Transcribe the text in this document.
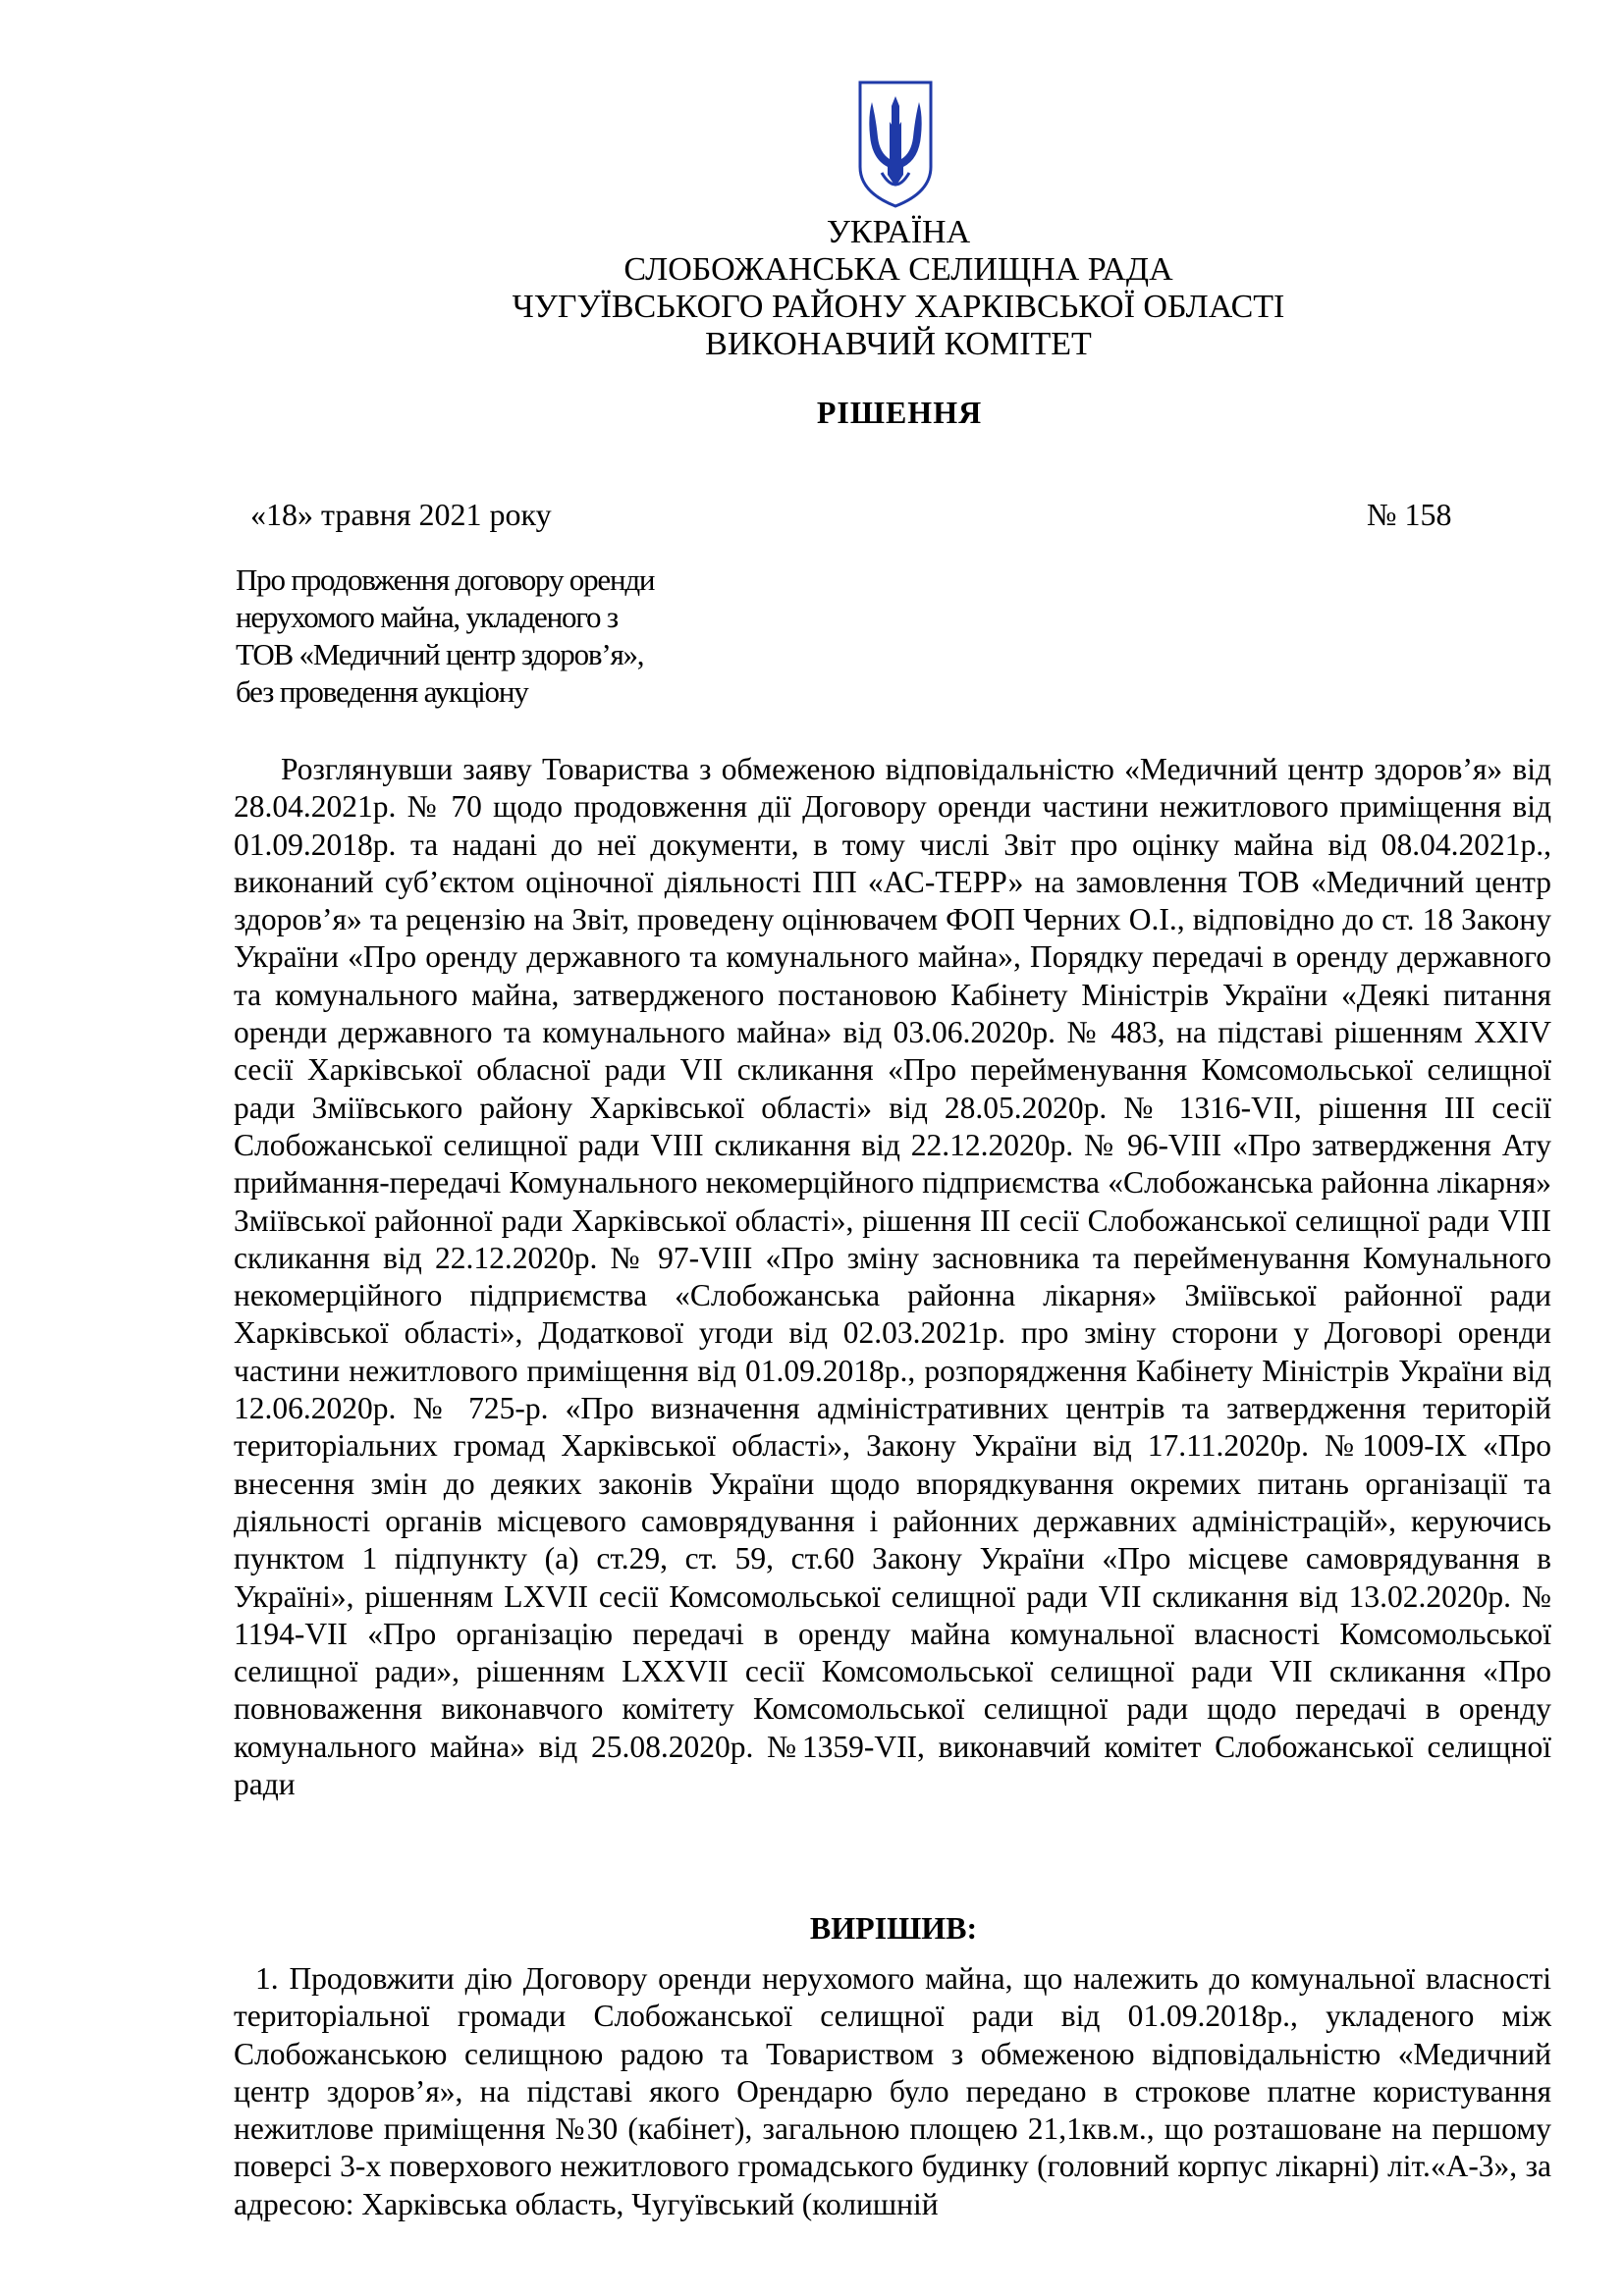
УКРАЇНА
СЛОБОЖАНСЬКА СЕЛИЩНА РАДА
ЧУГУЇВСЬКОГО РАЙОНУ ХАРКІВСЬКОЇ ОБЛАСТІ
ВИКОНАВЧИЙ КОМІТЕТ
РІШЕННЯ
«18» травня 2021 року	№ 158
Про продовження договору оренди
нерухомого майна, укладеного з
ТОВ «Медичний центр здоров’я»,
без проведення аукціону

Розглянувши заяву Товариства з обмеженою відповідальністю «Медичний центр здоров’я» від 28.04.2021р. № 70 щодо продовження дії Договору оренди частини нежитлового приміщення від 01.09.2018р. та надані до неї документи, в тому числі Звіт про оцінку майна від 08.04.2021р., виконаний суб’єктом оціночної діяльності ПП «АС-ТЕРР» на замовлення ТОВ «Медичний центр здоров’я» та рецензію на Звіт, проведену оцінювачем ФОП Черних О.І., відповідно до ст. 18 Закону України «Про оренду державного та комунального майна», Порядку передачі в оренду державного та комунального майна, затвердженого постановою Кабінету Міністрів України «Деякі питання оренди державного та комунального майна» від 03.06.2020р. № 483, на підставі рішенням XXIV сесії Харківської обласної ради VII скликання «Про перейменування Комсомольської селищної ради Зміївського району Харківської області» від 28.05.2020р. № 1316-VII, рішення III сесії Слобожанської селищної ради VIII скликання від 22.12.2020р. № 96-VIII «Про затвердження Ату приймання-передачі Комунального некомерційного підприємства «Слобожанська районна лікарня» Зміївської районної ради Харківської області», рішення III сесії Слобожанської селищної ради VIII скликання від 22.12.2020р. № 97-VIII «Про зміну засновника та перейменування Комунального некомерційного підприємства «Слобожанська районна лікарня» Зміївської районної ради Харківської області», Додаткової угоди від 02.03.2021р. про зміну сторони у Договорі оренди частини нежитлового приміщення від 01.09.2018р., розпорядження Кабінету Міністрів України від 12.06.2020р. № 725-р. «Про визначення адміністративних центрів та затвердження територій територіальних громад Харківської області», Закону України від 17.11.2020р. №1009-IX «Про внесення змін до деяких законів України щодо впорядкування окремих питань організації та діяльності органів місцевого самоврядування і районних державних адміністрацій», керуючись пунктом 1 підпункту (а) ст.29, ст. 59, ст.60 Закону України «Про місцеве самоврядування в Україні», рішенням LXVII сесії Комсомольської селищної ради VII скликання від 13.02.2020р. № 1194-VII «Про організацію передачі в оренду майна комунальної власності Комсомольської селищної ради», рішенням LXXVII сесії Комсомольської селищної ради VII скликання «Про повноваження виконавчого комітету Комсомольської селищної ради щодо передачі в оренду комунального майна» від 25.08.2020р. №1359-VII, виконавчий комітет Слобожанської селищної ради

ВИРІШИВ:

1. Продовжити дію Договору оренди нерухомого майна, що належить до комунальної власності територіальної громади Слобожанської селищної ради від 01.09.2018р., укладеного між Слобожанською селищною радою та Товариством з обмеженою відповідальністю «Медичний центр здоров’я», на підставі якого Орендарю було передано в строкове платне користування нежитлове приміщення №30 (кабінет), загальною площею 21,1кв.м., що розташоване на першому поверсі 3-х поверхового нежитлового громадського будинку (головний корпус лікарні) літ.«А-3», за адресою: Харківська область, Чугуївський (колишній
